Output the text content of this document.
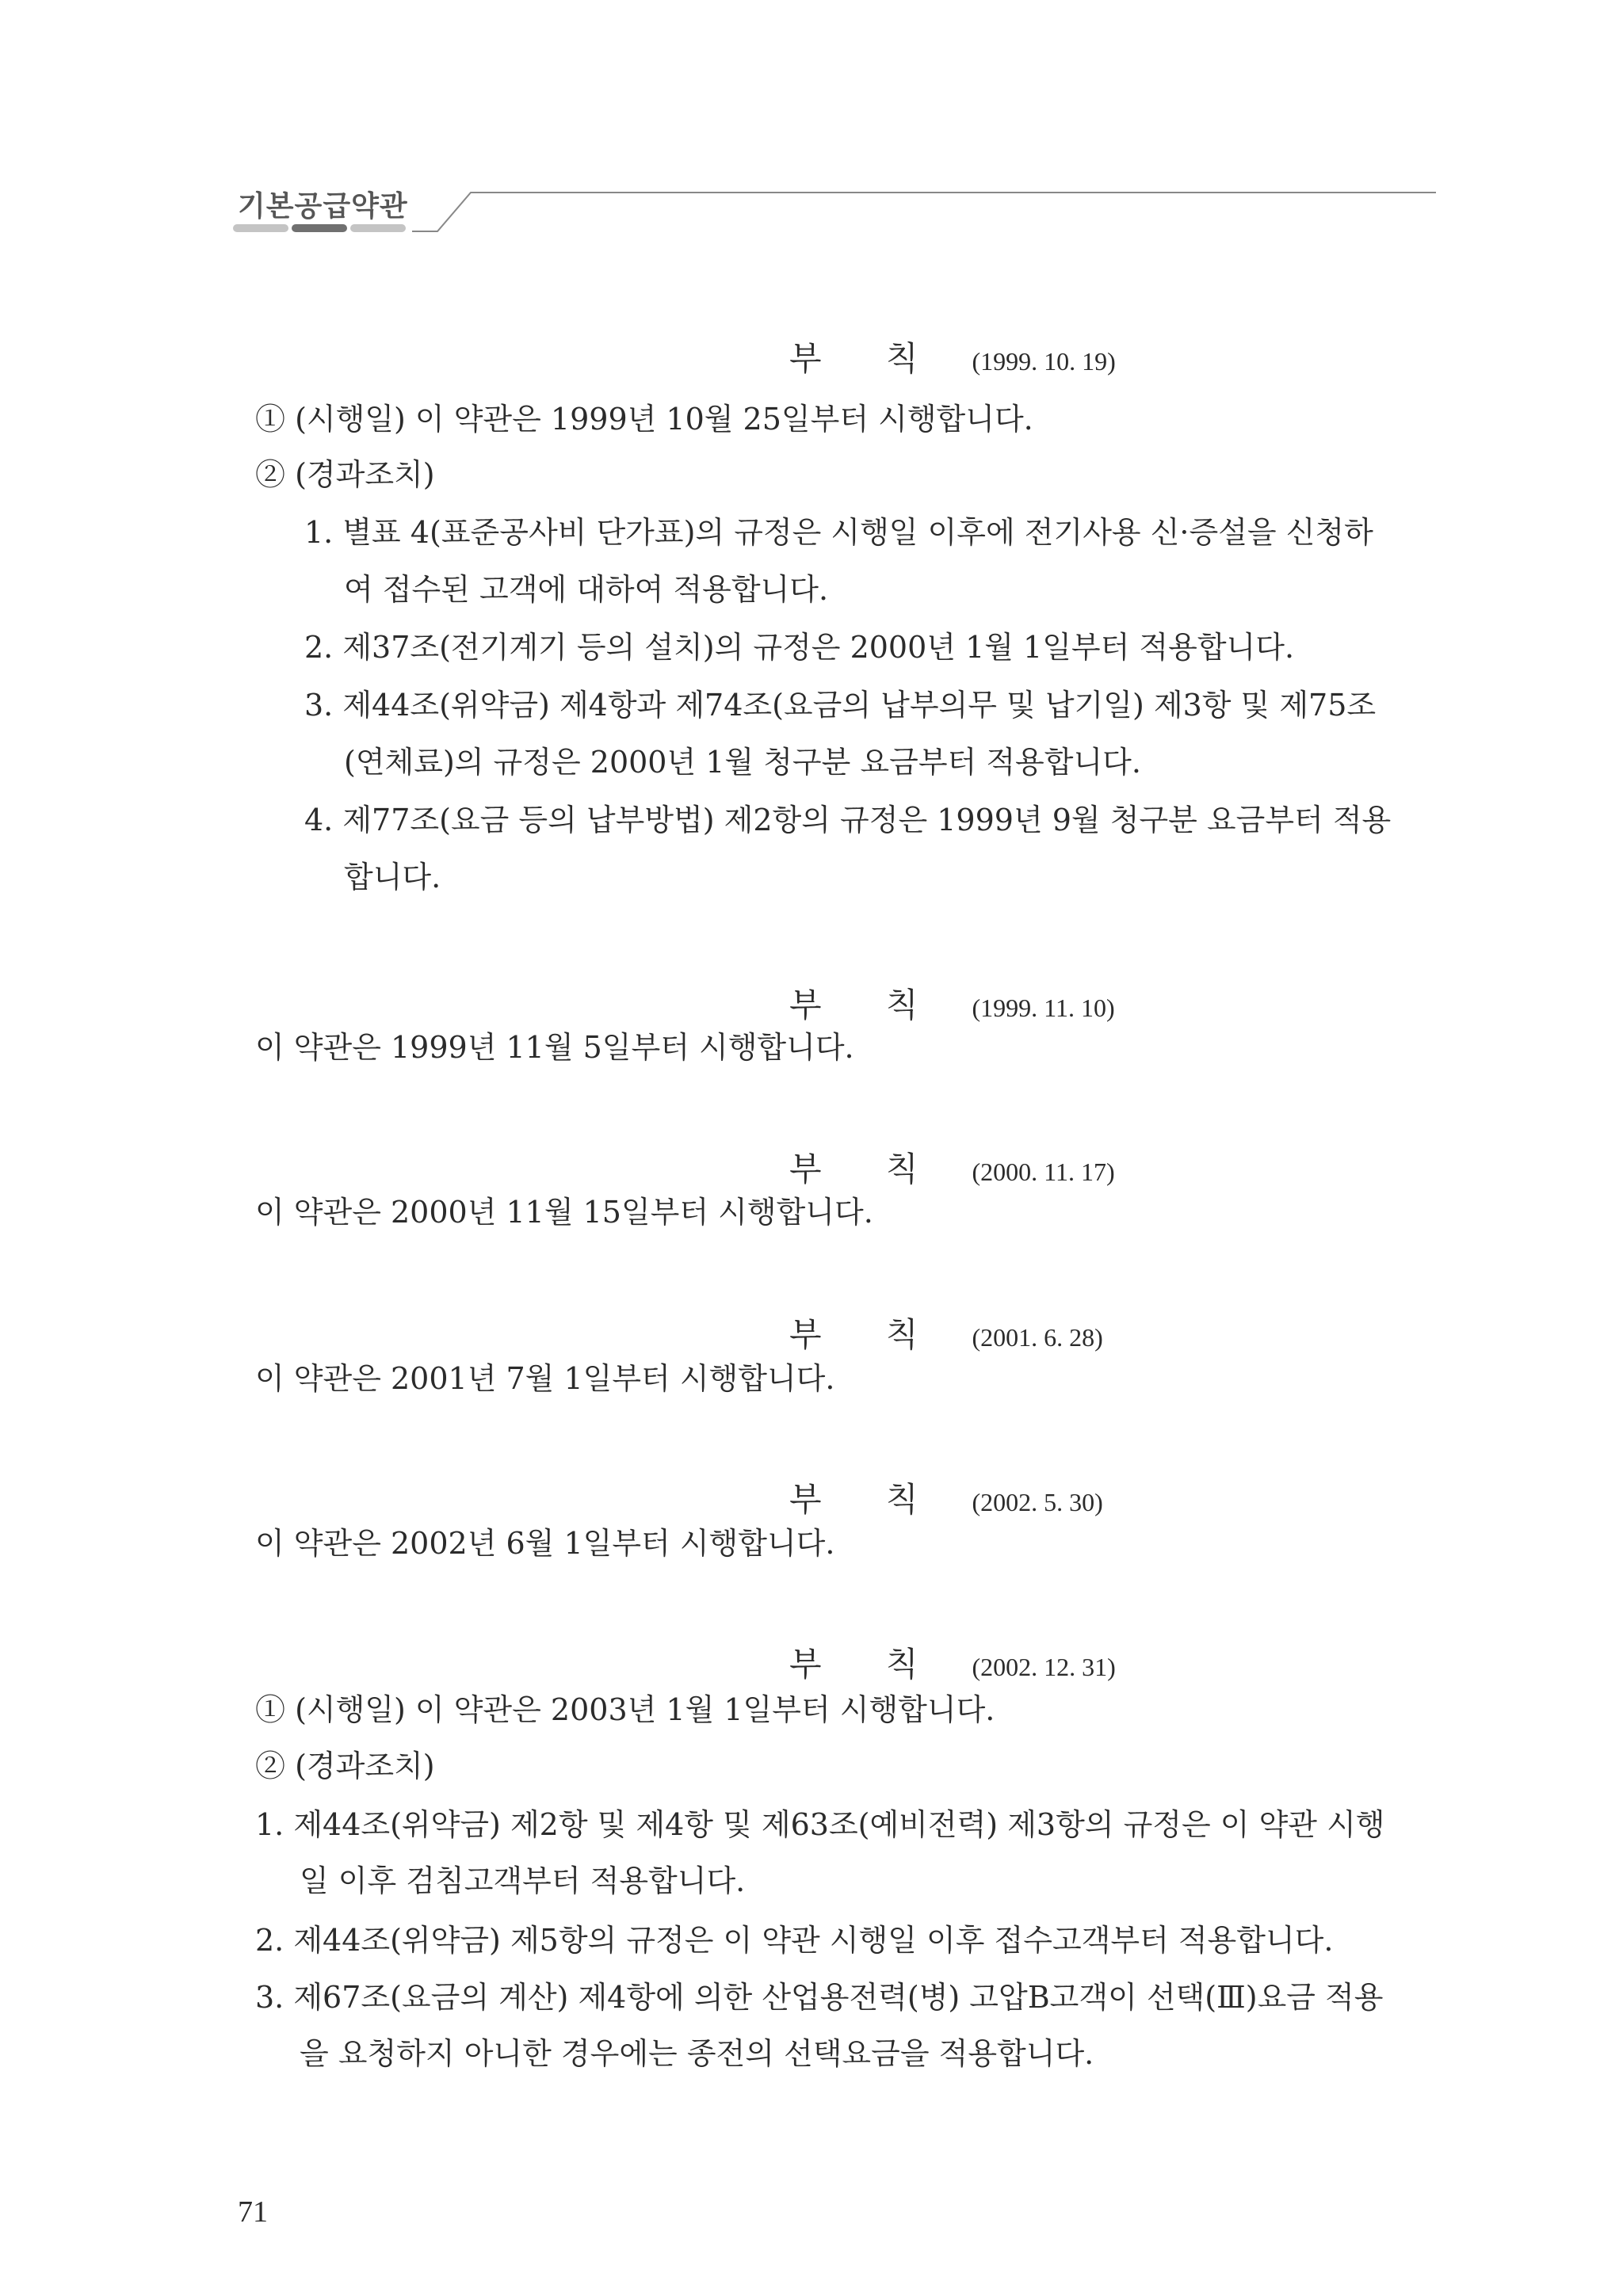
기본공급약관
부 칙 (1999. 10. 19)
① (시행일) 이 약관은 1999년 10월 25일부터 시행합니다.
② (경과조치)
1. 별표 4(표준공사비 단가표)의 규정은 시행일 이후에 전기사용 신·증설을 신청하
여 접수된 고객에 대하여 적용합니다.
2. 제37조(전기계기 등의 설치)의 규정은 2000년 1월 1일부터 적용합니다.
3. 제44조(위약금) 제4항과 제74조(요금의 납부의무 및 납기일) 제3항 및 제75조
(연체료)의 규정은 2000년 1월 청구분 요금부터 적용합니다.
4. 제77조(요금 등의 납부방법) 제2항의 규정은 1999년 9월 청구분 요금부터 적용
합니다.
부 칙 (1999. 11. 10)
이 약관은 1999년 11월 5일부터 시행합니다.
부 칙 (2000. 11. 17)
이 약관은 2000년 11월 15일부터 시행합니다.
부 칙 (2001. 6. 28)
이 약관은 2001년 7월 1일부터 시행합니다.
부 칙 (2002. 5. 30)
이 약관은 2002년 6월 1일부터 시행합니다.
부 칙 (2002. 12. 31)
① (시행일) 이 약관은 2003년 1월 1일부터 시행합니다.
② (경과조치)
1. 제44조(위약금) 제2항 및 제4항 및 제63조(예비전력) 제3항의 규정은 이 약관 시행
일 이후 검침고객부터 적용합니다.
2. 제44조(위약금) 제5항의 규정은 이 약관 시행일 이후 접수고객부터 적용합니다.
3. 제67조(요금의 계산) 제4항에 의한 산업용전력(병) 고압B고객이 선택(Ⅲ)요금 적용
을 요청하지 아니한 경우에는 종전의 선택요금을 적용합니다.
71
